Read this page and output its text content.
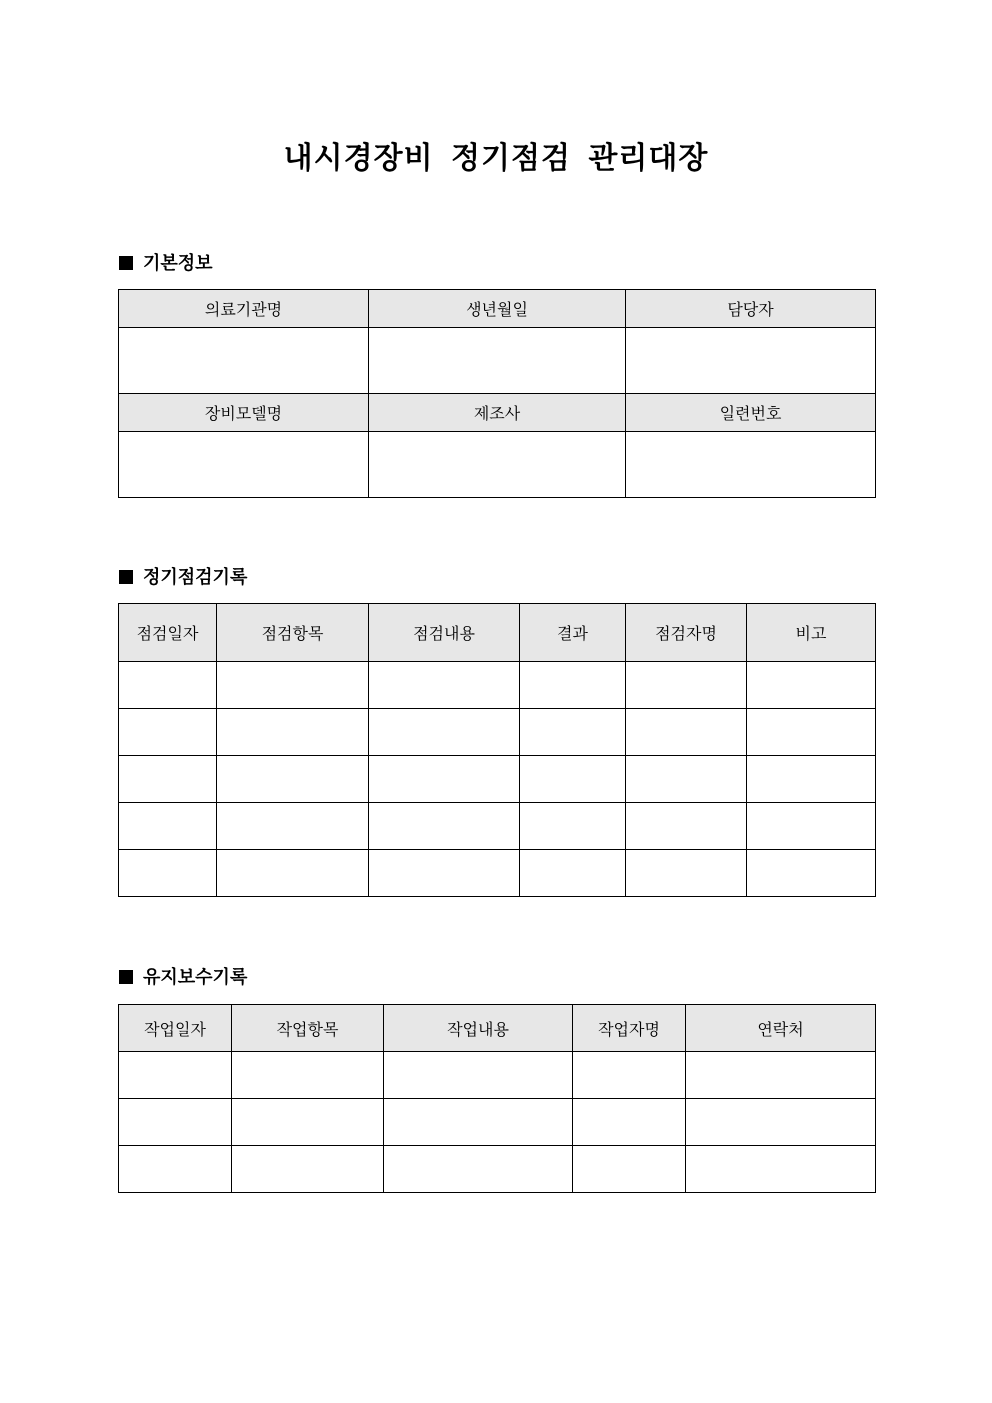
내시경장비 정기점검 관리대장
기본정보
의료기관명	생년월일	담당자

장비모델명	제조사	일련번호

정기점검기록
점검일자	점검항목	점검내용	결과	점검자명	비고

유지보수기록
작업일자	작업항목	작업내용	작업자명	연락처
